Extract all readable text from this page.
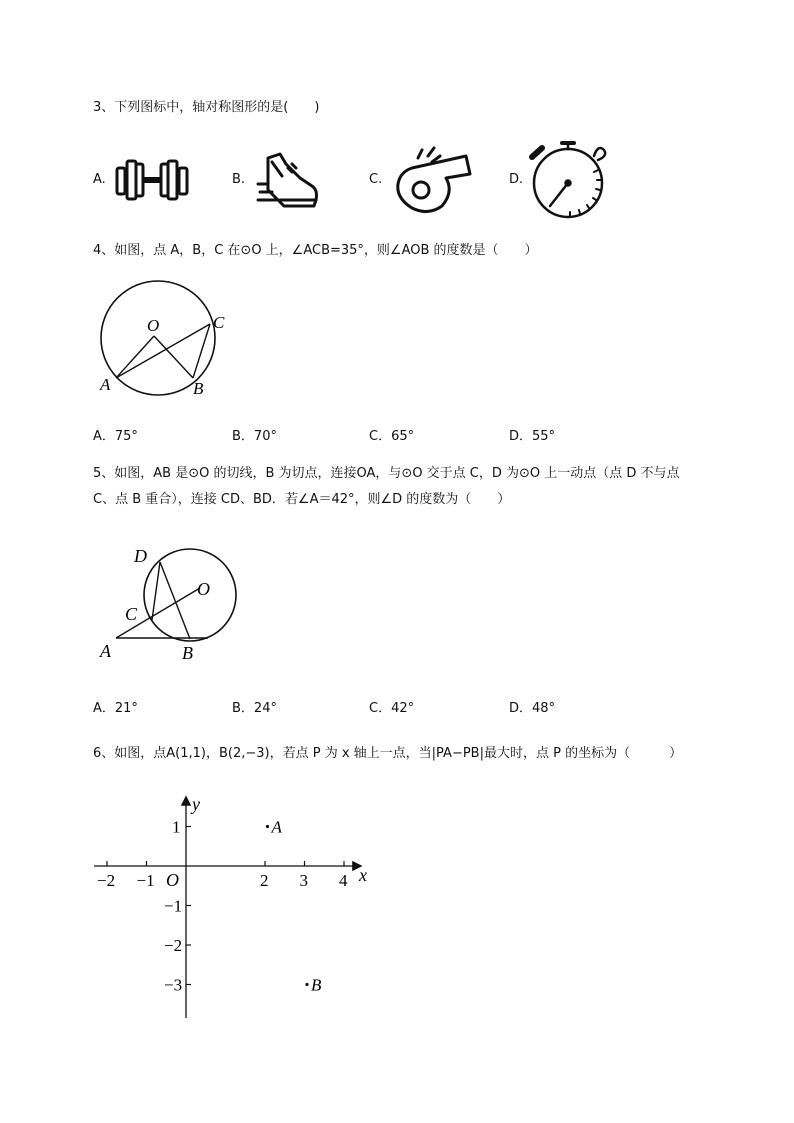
3、下列图标中，轴对称图形的是(　　)
A.	B.	C.	D.
4、如图，点 A，B，C 在⊙O 上，∠ACB=35°，则∠AOB 的度数是（　　）
O	C
A	B
A．75°	B．70°	C．65°	D．55°
5、如图，AB 是⊙O 的切线，B 为切点，连接OA，与⊙O 交于点 C，D 为⊙O 上一动点（点 D 不与点
C、点 B 重合），连接 CD、BD．若∠A＝42°，则∠D 的度数为（　　）
D
O
C
A	B
A．21°	B．24°	C．42°	D．48°
6、如图，点A(1,1)，B(2,−3)，若点 P 为 x 轴上一点，当|PA−PB|最大时，点 P 的坐标为（　　　）
x
y
O
−2 −1	2 3 4
1
−1
−2
−3
A
B
